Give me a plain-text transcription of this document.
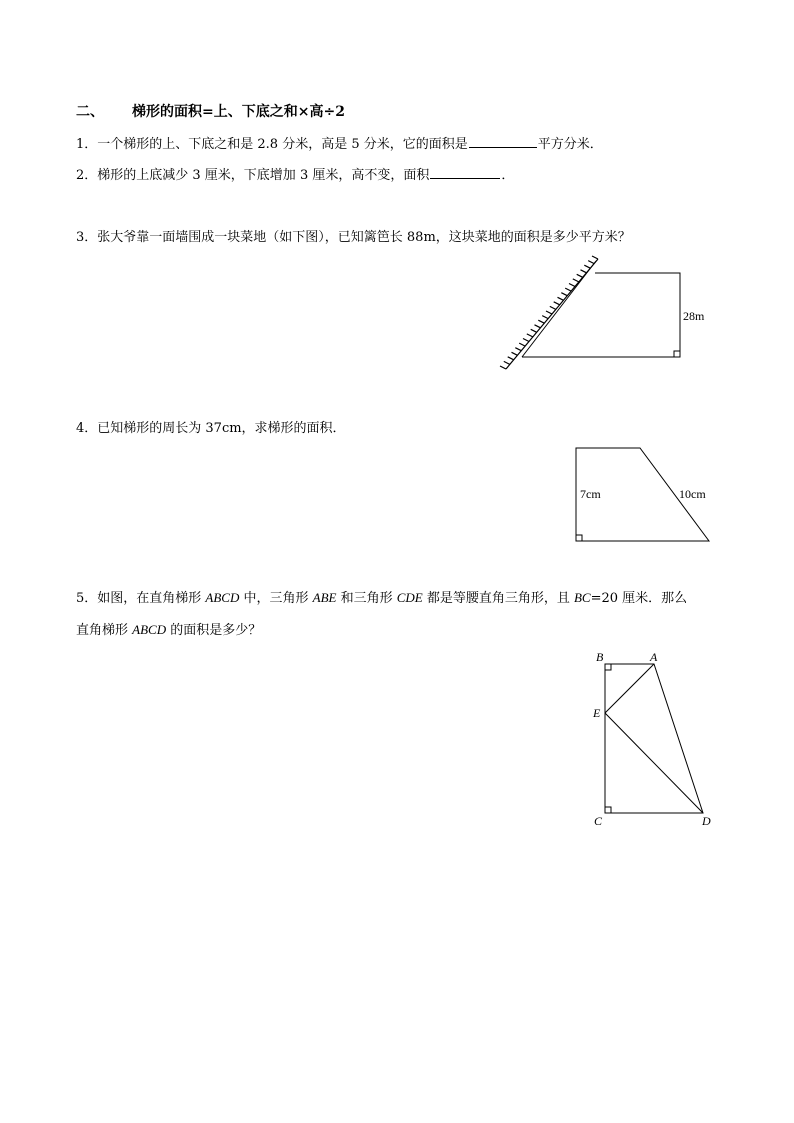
二、 梯形的面积=上、下底之和×高÷2
1．一个梯形的上、下底之和是 2.8 分米，高是 5 分米，它的面积是	平方分米．
2．梯形的上底减少 3 厘米，下底增加 3 厘米，高不变，面积	．
3．张大爷靠一面墙围成一块菜地（如下图），已知篱笆长 88m，这块菜地的面积是多少平方米？
4．已知梯形的周长为 37cm，求梯形的面积．
5．如图，在直角梯形 ABCD 中，三角形 ABE 和三角形 CDE 都是等腰直角三角形，且 BC=20 厘米．那么
直角梯形 ABCD 的面积是多少？
28m
7cm	10cm
B	A
E
C	D
